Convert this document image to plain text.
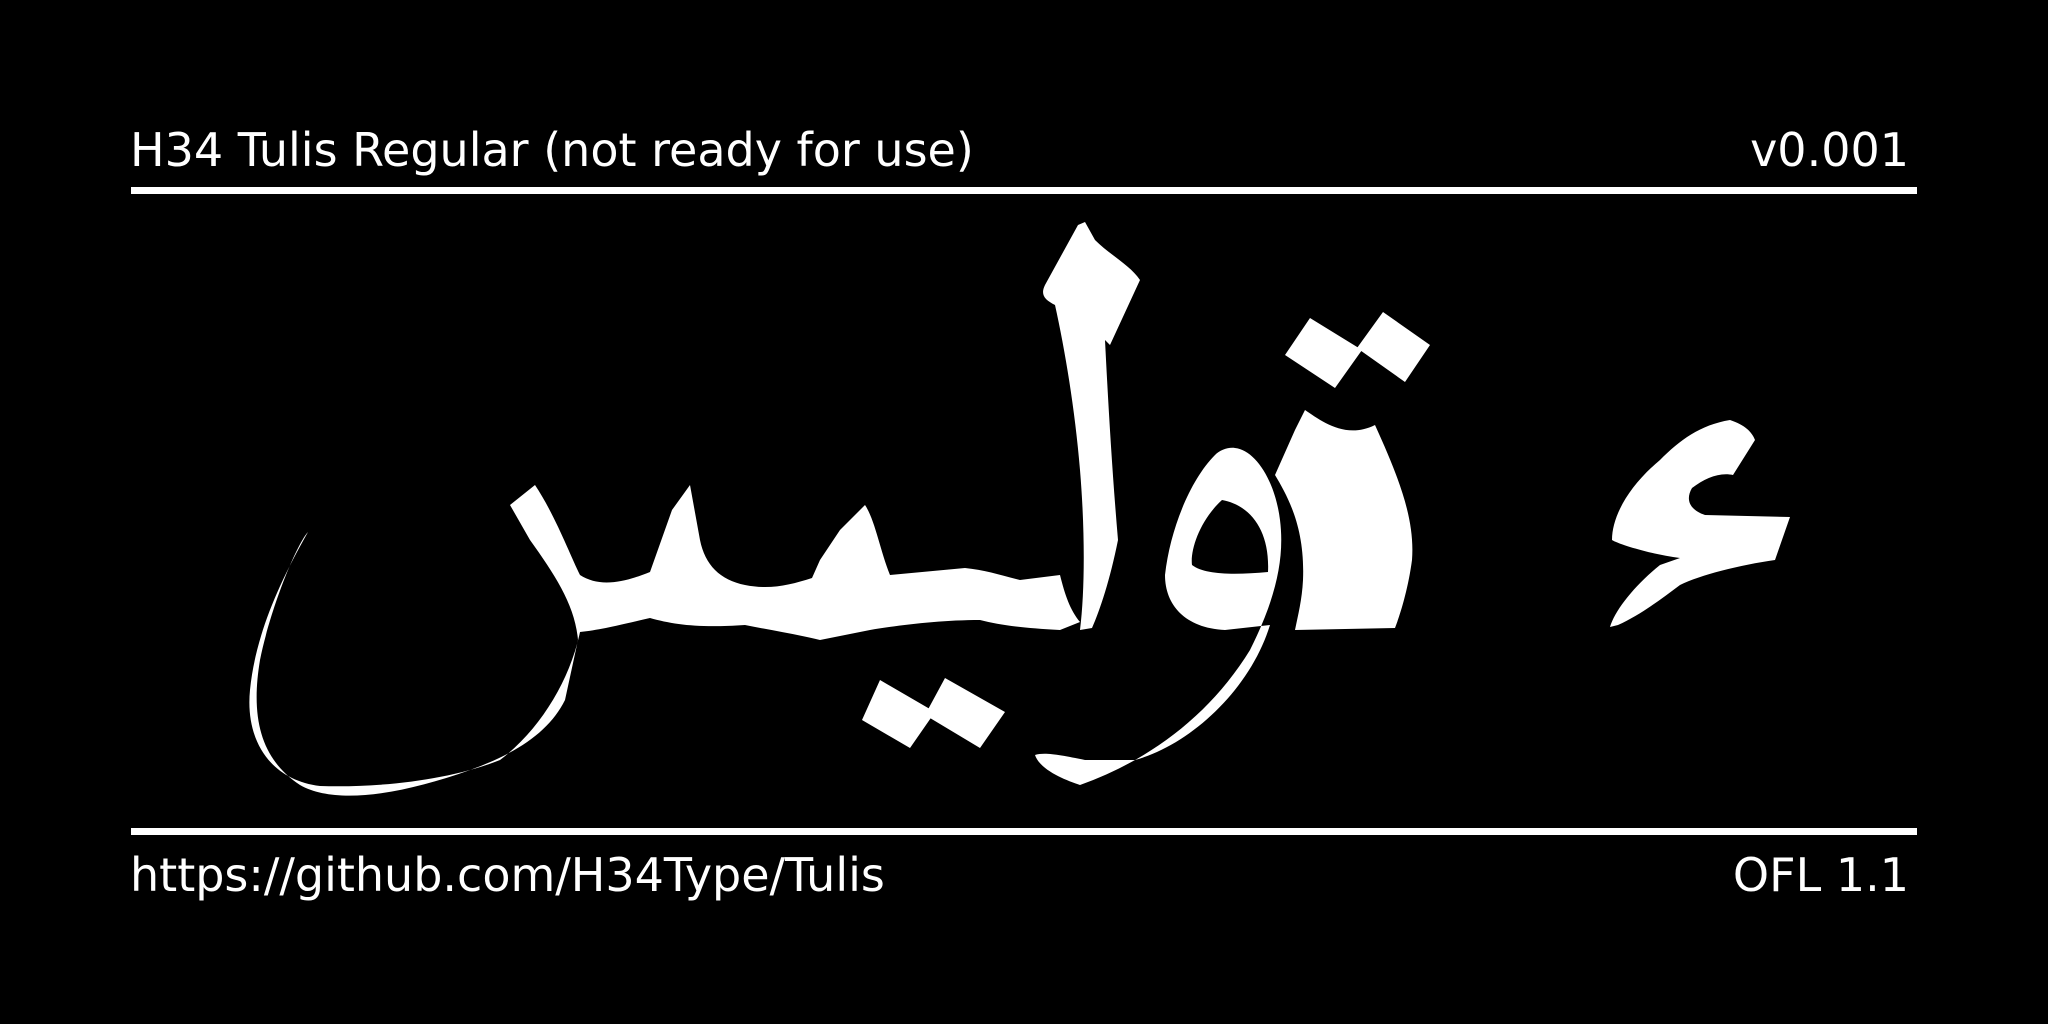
H34 Tulis Regular (not ready for use)	v0.001
https://github.com/H34Type/Tulis	OFL 1.1
